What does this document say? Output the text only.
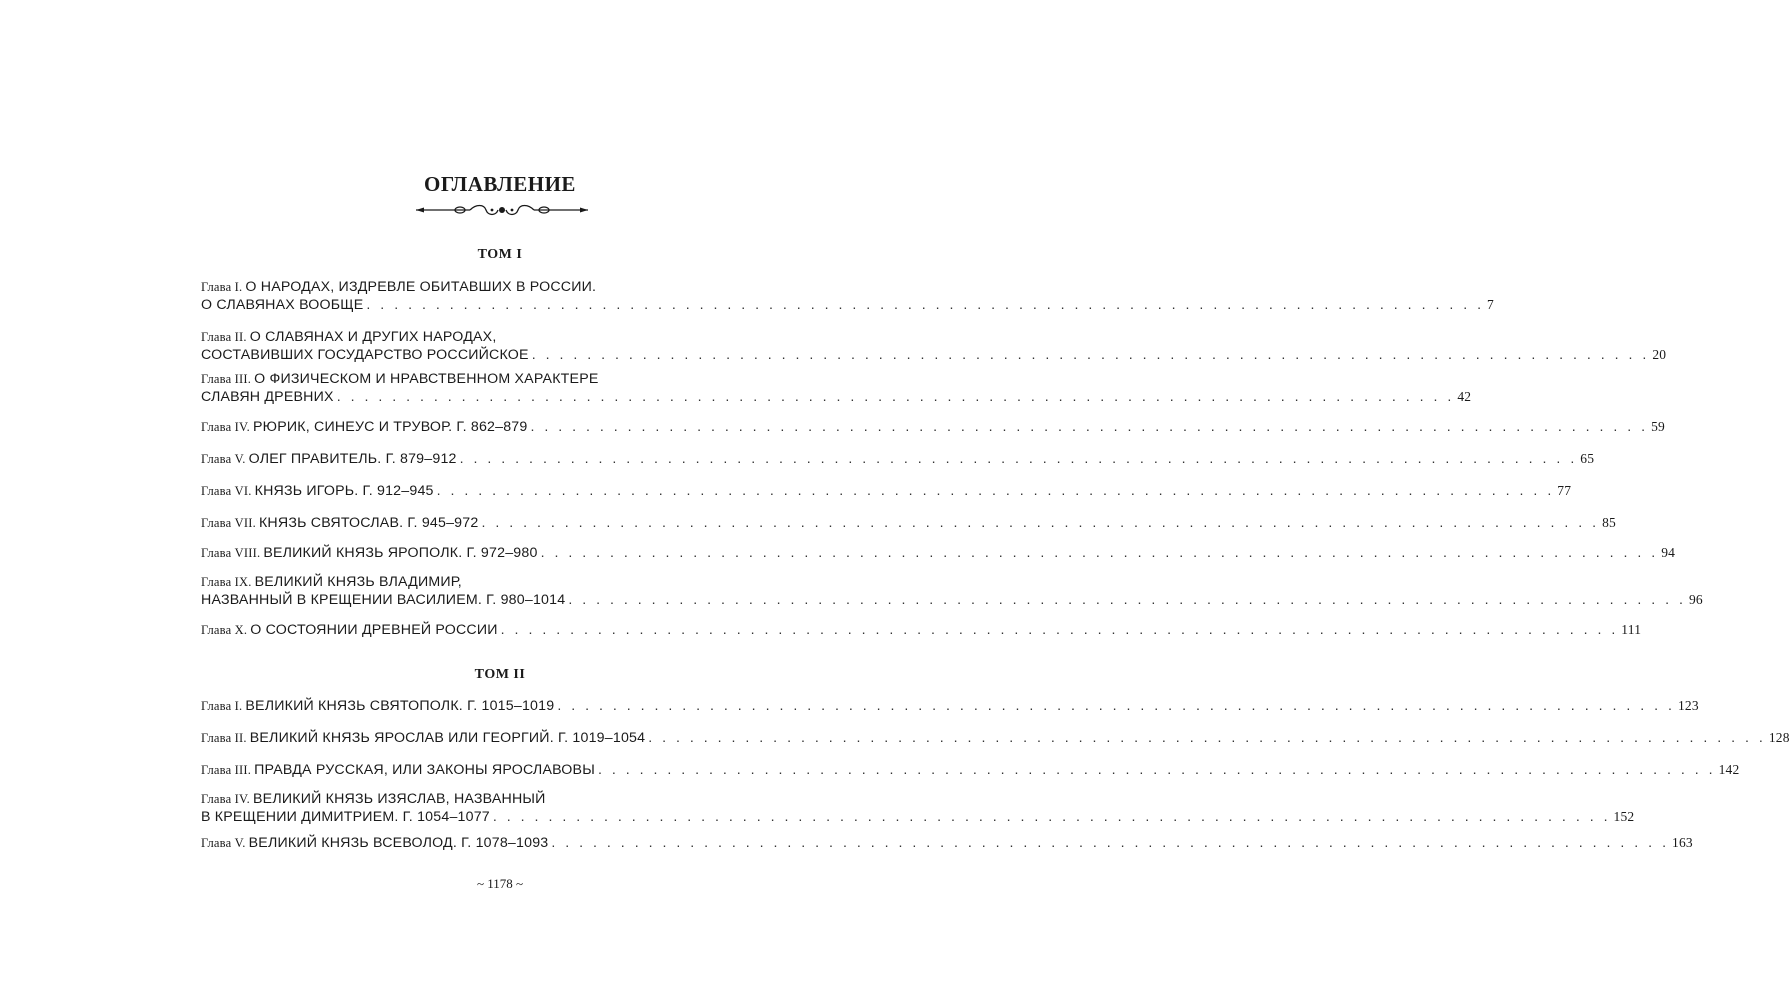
ОГЛАВЛЕНИЕ
ТОМ I
Глава I. О НАРОДАХ, ИЗДРЕВЛЕ ОБИТАВШИХ В РОССИИ.
О СЛАВЯНАХ ВООБЩЕ . . . . . . . . . . . . . . . . . . . . . . . . . . . . . . . . . . . . . . . . . . . . . . . . . . . . . . . . . . . . . . . . . . . . . . . . . . . . . . . . . 7
Глава II. О СЛАВЯНАХ И ДРУГИХ НАРОДАХ,
СОСТАВИВШИХ ГОСУДАРСТВО РОССИЙСКОЕ . . . . . . . . . . . . . . . . . . . . . . . . . . . . . . . . . . . . . . . . . . . . . . . . . . . . . . . . . . . . . . . . . . . . . . . . . . . . . . . . . 20
Глава III. О ФИЗИЧЕСКОМ И НРАВСТВЕННОМ ХАРАКТЕРЕ
СЛАВЯН ДРЕВНИХ . . . . . . . . . . . . . . . . . . . . . . . . . . . . . . . . . . . . . . . . . . . . . . . . . . . . . . . . . . . . . . . . . . . . . . . . . . . . . . . . . 42
Глава IV. РЮРИК, СИНЕУС И ТРУВОР. Г. 862–879 . . . . . . . . . . . . . . . . . . . . . . . . . . . . . . . . . . . . . . . . . . . . . . . . . . . . . . . . . . . . . . . . . . . . . . . . . . . . . . . . . 59
Глава V. ОЛЕГ ПРАВИТЕЛЬ. Г. 879–912 . . . . . . . . . . . . . . . . . . . . . . . . . . . . . . . . . . . . . . . . . . . . . . . . . . . . . . . . . . . . . . . . . . . . . . . . . . . . . . . . . 65
Глава VI. КНЯЗЬ ИГОРЬ. Г. 912–945 . . . . . . . . . . . . . . . . . . . . . . . . . . . . . . . . . . . . . . . . . . . . . . . . . . . . . . . . . . . . . . . . . . . . . . . . . . . . . . . . . 77
Глава VII. КНЯЗЬ СВЯТОСЛАВ. Г. 945–972 . . . . . . . . . . . . . . . . . . . . . . . . . . . . . . . . . . . . . . . . . . . . . . . . . . . . . . . . . . . . . . . . . . . . . . . . . . . . . . . . . 85
Глава VIII. ВЕЛИКИЙ КНЯЗЬ ЯРОПОЛК. Г. 972–980 . . . . . . . . . . . . . . . . . . . . . . . . . . . . . . . . . . . . . . . . . . . . . . . . . . . . . . . . . . . . . . . . . . . . . . . . . . . . . . . . . 94
Глава IX. ВЕЛИКИЙ КНЯЗЬ ВЛАДИМИР,
НАЗВАННЫЙ В КРЕЩЕНИИ ВАСИЛИЕМ. Г. 980–1014 . . . . . . . . . . . . . . . . . . . . . . . . . . . . . . . . . . . . . . . . . . . . . . . . . . . . . . . . . . . . . . . . . . . . . . . . . . . . . . . . . 96
Глава X. О СОСТОЯНИИ ДРЕВНЕЙ РОССИИ . . . . . . . . . . . . . . . . . . . . . . . . . . . . . . . . . . . . . . . . . . . . . . . . . . . . . . . . . . . . . . . . . . . . . . . . . . . . . . . . . 111
ТОМ II
Глава I. ВЕЛИКИЙ КНЯЗЬ СВЯТОПОЛК. Г. 1015–1019 . . . . . . . . . . . . . . . . . . . . . . . . . . . . . . . . . . . . . . . . . . . . . . . . . . . . . . . . . . . . . . . . . . . . . . . . . . . . . . . . . 123
Глава II. ВЕЛИКИЙ КНЯЗЬ ЯРОСЛАВ ИЛИ ГЕОРГИЙ. Г. 1019–1054 . . . . . . . . . . . . . . . . . . . . . . . . . . . . . . . . . . . . . . . . . . . . . . . . . . . . . . . . . . . . . . . . . . . . . . . . . . . . . . . . . 128
Глава III. ПРАВДА РУССКАЯ, ИЛИ ЗАКОНЫ ЯРОСЛАВОВЫ . . . . . . . . . . . . . . . . . . . . . . . . . . . . . . . . . . . . . . . . . . . . . . . . . . . . . . . . . . . . . . . . . . . . . . . . . . . . . . . . . 142
Глава IV. ВЕЛИКИЙ КНЯЗЬ ИЗЯСЛАВ, НАЗВАННЫЙ
В КРЕЩЕНИИ ДИМИТРИЕМ. Г. 1054–1077 . . . . . . . . . . . . . . . . . . . . . . . . . . . . . . . . . . . . . . . . . . . . . . . . . . . . . . . . . . . . . . . . . . . . . . . . . . . . . . . . . 152
Глава V. ВЕЛИКИЙ КНЯЗЬ ВСЕВОЛОД. Г. 1078–1093 . . . . . . . . . . . . . . . . . . . . . . . . . . . . . . . . . . . . . . . . . . . . . . . . . . . . . . . . . . . . . . . . . . . . . . . . . . . . . . . . . 163
~ 1178 ~
